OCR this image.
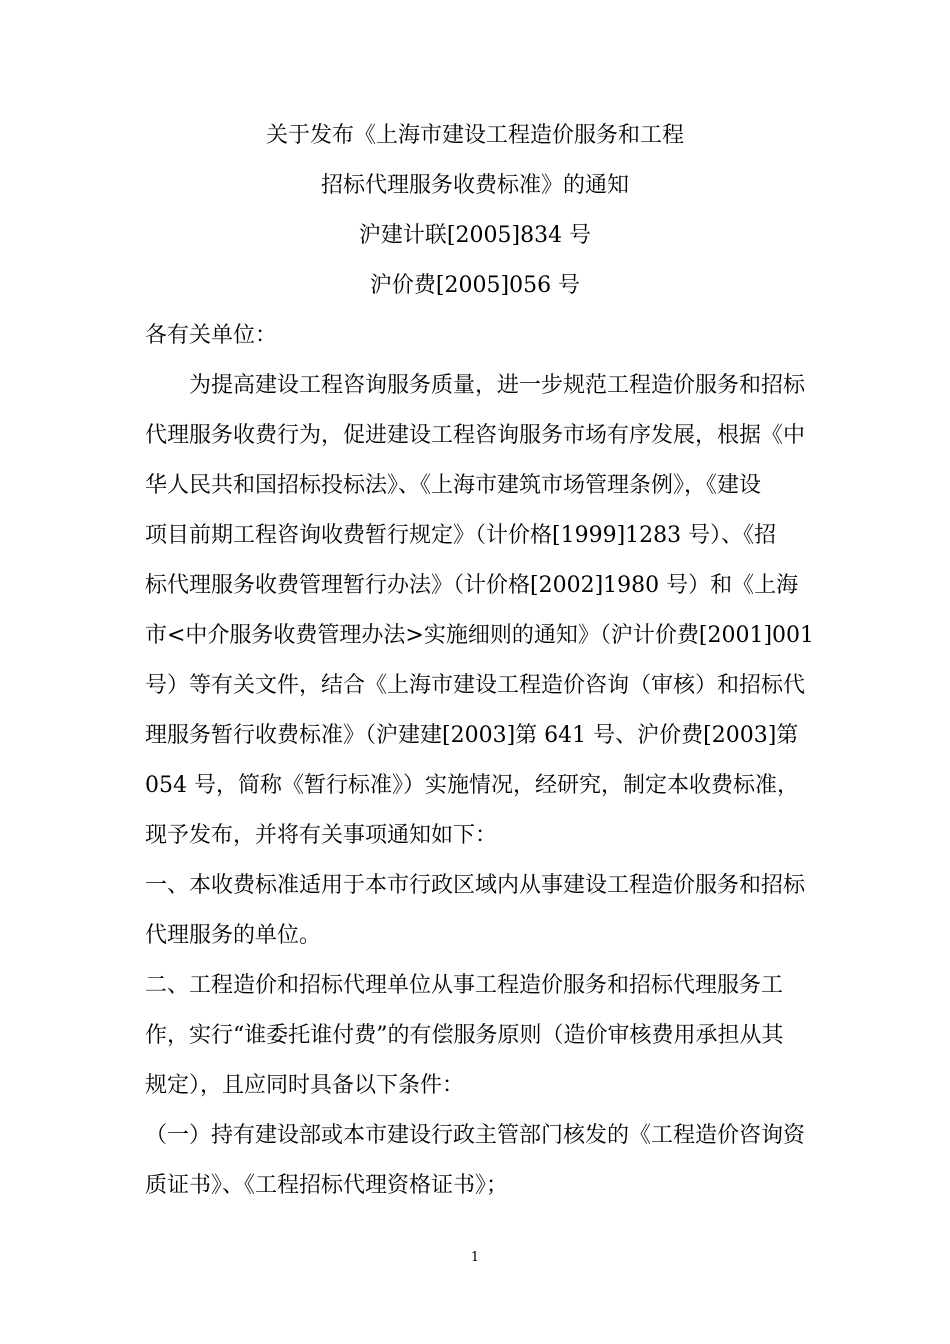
关于发布《上海市建设工程造价服务和工程
招标代理服务收费标准》的通知
沪建计联[2005]834 号
沪价费[2005]056 号
各有关单位：
　　为提高建设工程咨询服务质量，进一步规范工程造价服务和招标
代理服务收费行为，促进建设工程咨询服务市场有序发展，根据《中
华人民共和国招标投标法》、《上海市建筑市场管理条例》，《建设
项目前期工程咨询收费暂行规定》（计价格[1999]1283 号）、《招
标代理服务收费管理暂行办法》（计价格[2002]1980 号）和《上海
市<中介服务收费管理办法>实施细则的通知》（沪计价费[2001]001
号）等有关文件，结合《上海市建设工程造价咨询（审核）和招标代
理服务暂行收费标准》（沪建建[2003]第 641 号、沪价费[2003]第
054 号，简称《暂行标准》）实施情况，经研究，制定本收费标准，
现予发布，并将有关事项通知如下：
一、本收费标准适用于本市行政区域内从事建设工程造价服务和招标
代理服务的单位。
二、工程造价和招标代理单位从事工程造价服务和招标代理服务工
作，实行“谁委托谁付费”的有偿服务原则（造价审核费用承担从其
规定），且应同时具备以下条件：
（一）持有建设部或本市建设行政主管部门核发的《工程造价咨询资
质证书》、《工程招标代理资格证书》；
1
